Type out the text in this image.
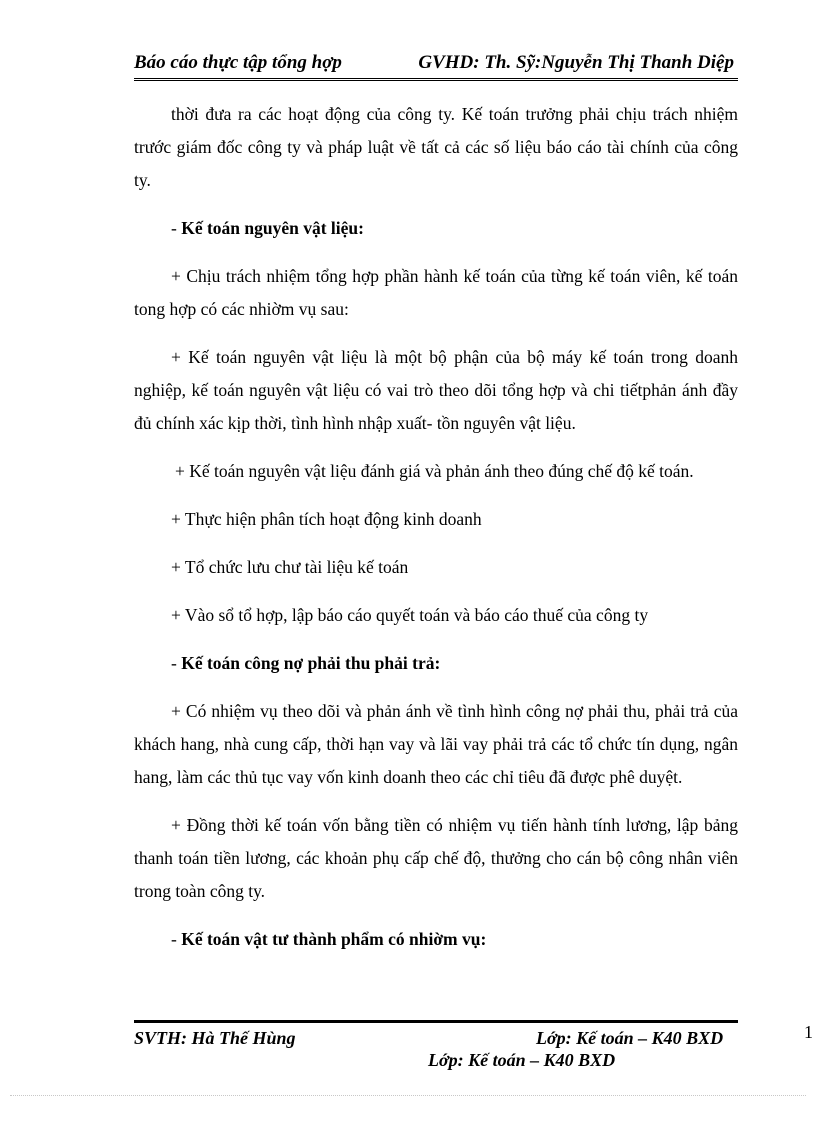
Báo cáo thực tập tổng hợp	GVHD: Th. Sỹ:Nguyễn Thị Thanh Diệp

thời đưa ra các hoạt động của công ty. Kế toán trưởng phải chịu trách nhiệm trước giám đốc công ty và pháp luật về tất cả các số liệu báo cáo tài chính của công ty.

- Kế toán nguyên vật liệu:

+ Chịu trách nhiệm tổng hợp phần hành kế toán của từng kế toán viên, kế toán tong hợp có các nhiờm vụ sau:

+ Kế toán nguyên vật liệu là một bộ phận của bộ máy kế toán trong doanh nghiệp, kế toán nguyên vật liệu có vai trò theo dõi tổng hợp và chi tiếtphản ánh đầy đủ chính xác kịp thời, tình hình nhập xuất- tồn nguyên vật liệu.

+ Kế toán nguyên vật liệu đánh giá và phản ánh theo đúng chế độ kế toán.

+ Thực hiện phân tích hoạt động kinh doanh

+ Tổ chức lưu chư tài liệu kế toán

+ Vào sổ tổ hợp, lập báo cáo quyết toán và báo cáo thuế của công ty

- Kế toán công nợ phải thu phải trả:

+ Có nhiệm vụ theo dõi và phản ánh về tình hình công nợ phải thu, phải trả của khách hang, nhà cung cấp, thời hạn vay và lãi vay phải trả các tổ chức tín dụng, ngân hang, làm các thủ tục vay vốn kinh doanh theo các chỉ tiêu đã được phê duyệt.

+ Đồng thời kế toán vốn bằng tiền có nhiệm vụ tiến hành tính lương, lập bảng thanh toán tiền lương, các khoản phụ cấp chế độ, thưởng cho cán bộ công nhân viên trong toàn công ty.

- Kế toán vật tư thành phẩm có nhiờm vụ:

SVTH: Hà Thế Hùng	Lớp: Kế toán – K40 BXD
Lớp: Kế toán – K40 BXD
1
